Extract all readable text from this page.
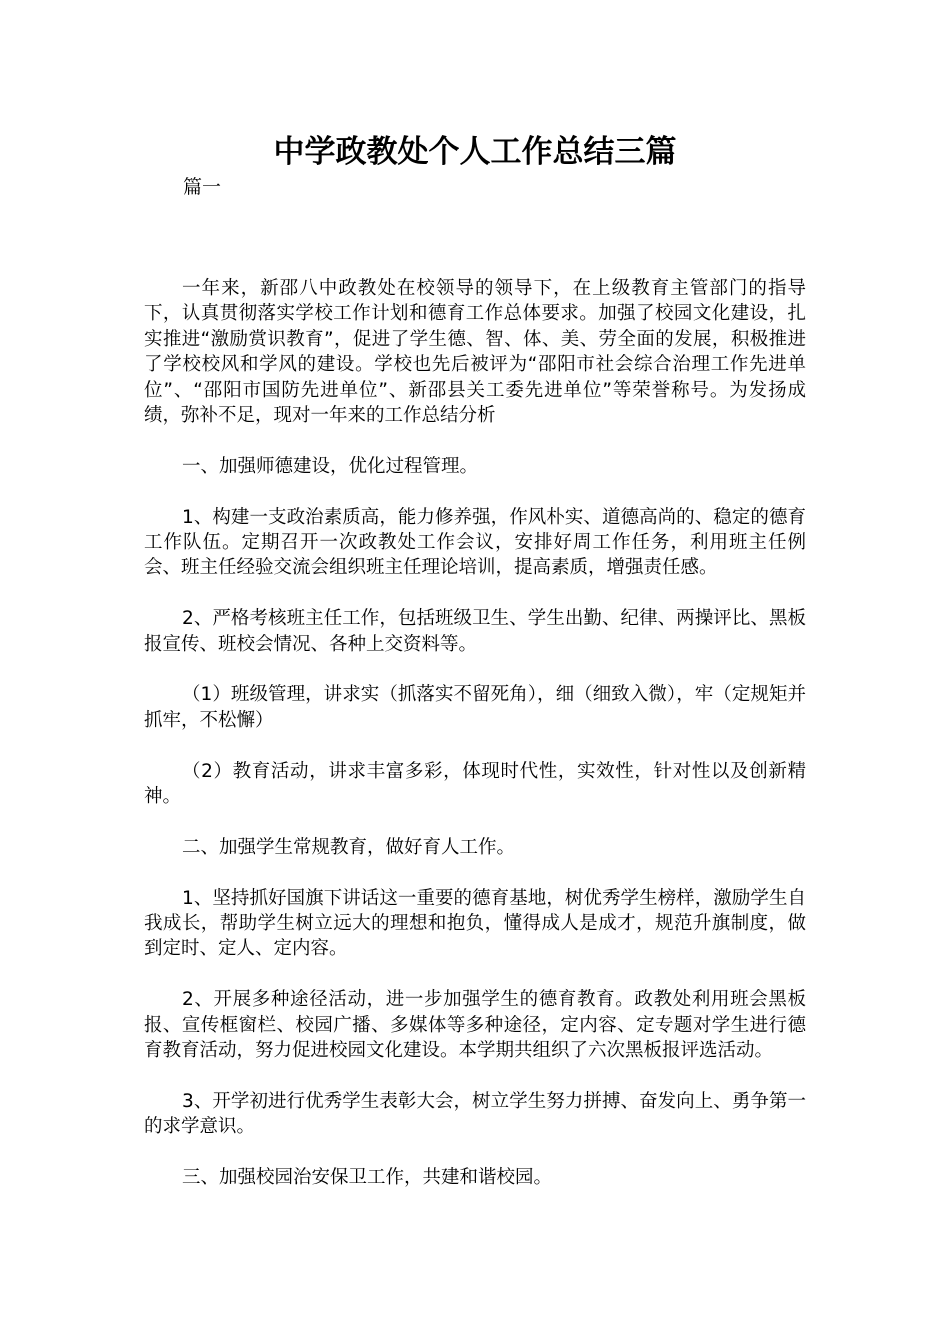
中学政教处个人工作总结三篇
篇一

一年来，新邵八中政教处在校领导的领导下，在上级教育主管部门的指导下，认真贯彻落实学校工作计划和德育工作总体要求。加强了校园文化建设，扎实推进“激励赏识教育”，促进了学生德、智、体、美、劳全面的发展，积极推进了学校校风和学风的建设。学校也先后被评为“邵阳市社会综合治理工作先进单位”、“邵阳市国防先进单位”、新邵县关工委先进单位”等荣誉称号。为发扬成绩，弥补不足，现对一年来的工作总结分析

一、加强师德建设，优化过程管理。

1、构建一支政治素质高，能力修养强，作风朴实、道德高尚的、稳定的德育工作队伍。定期召开一次政教处工作会议，安排好周工作任务，利用班主任例会、班主任经验交流会组织班主任理论培训，提高素质，增强责任感。

2、严格考核班主任工作，包括班级卫生、学生出勤、纪律、两操评比、黑板报宣传、班校会情况、各种上交资料等。

（1）班级管理，讲求实（抓落实不留死角），细（细致入微），牢（定规矩并抓牢，不松懈）

（2）教育活动，讲求丰富多彩，体现时代性，实效性，针对性以及创新精神。

二、加强学生常规教育，做好育人工作。

1、坚持抓好国旗下讲话这一重要的德育基地，树优秀学生榜样，激励学生自我成长，帮助学生树立远大的理想和抱负，懂得成人是成才，规范升旗制度，做到定时、定人、定内容。

2、开展多种途径活动，进一步加强学生的德育教育。政教处利用班会黑板报、宣传框窗栏、校园广播、多媒体等多种途径，定内容、定专题对学生进行德育教育活动，努力促进校园文化建设。本学期共组织了六次黑板报评选活动。

3、开学初进行优秀学生表彰大会，树立学生努力拼搏、奋发向上、勇争第一的求学意识。

三、加强校园治安保卫工作，共建和谐校园。
